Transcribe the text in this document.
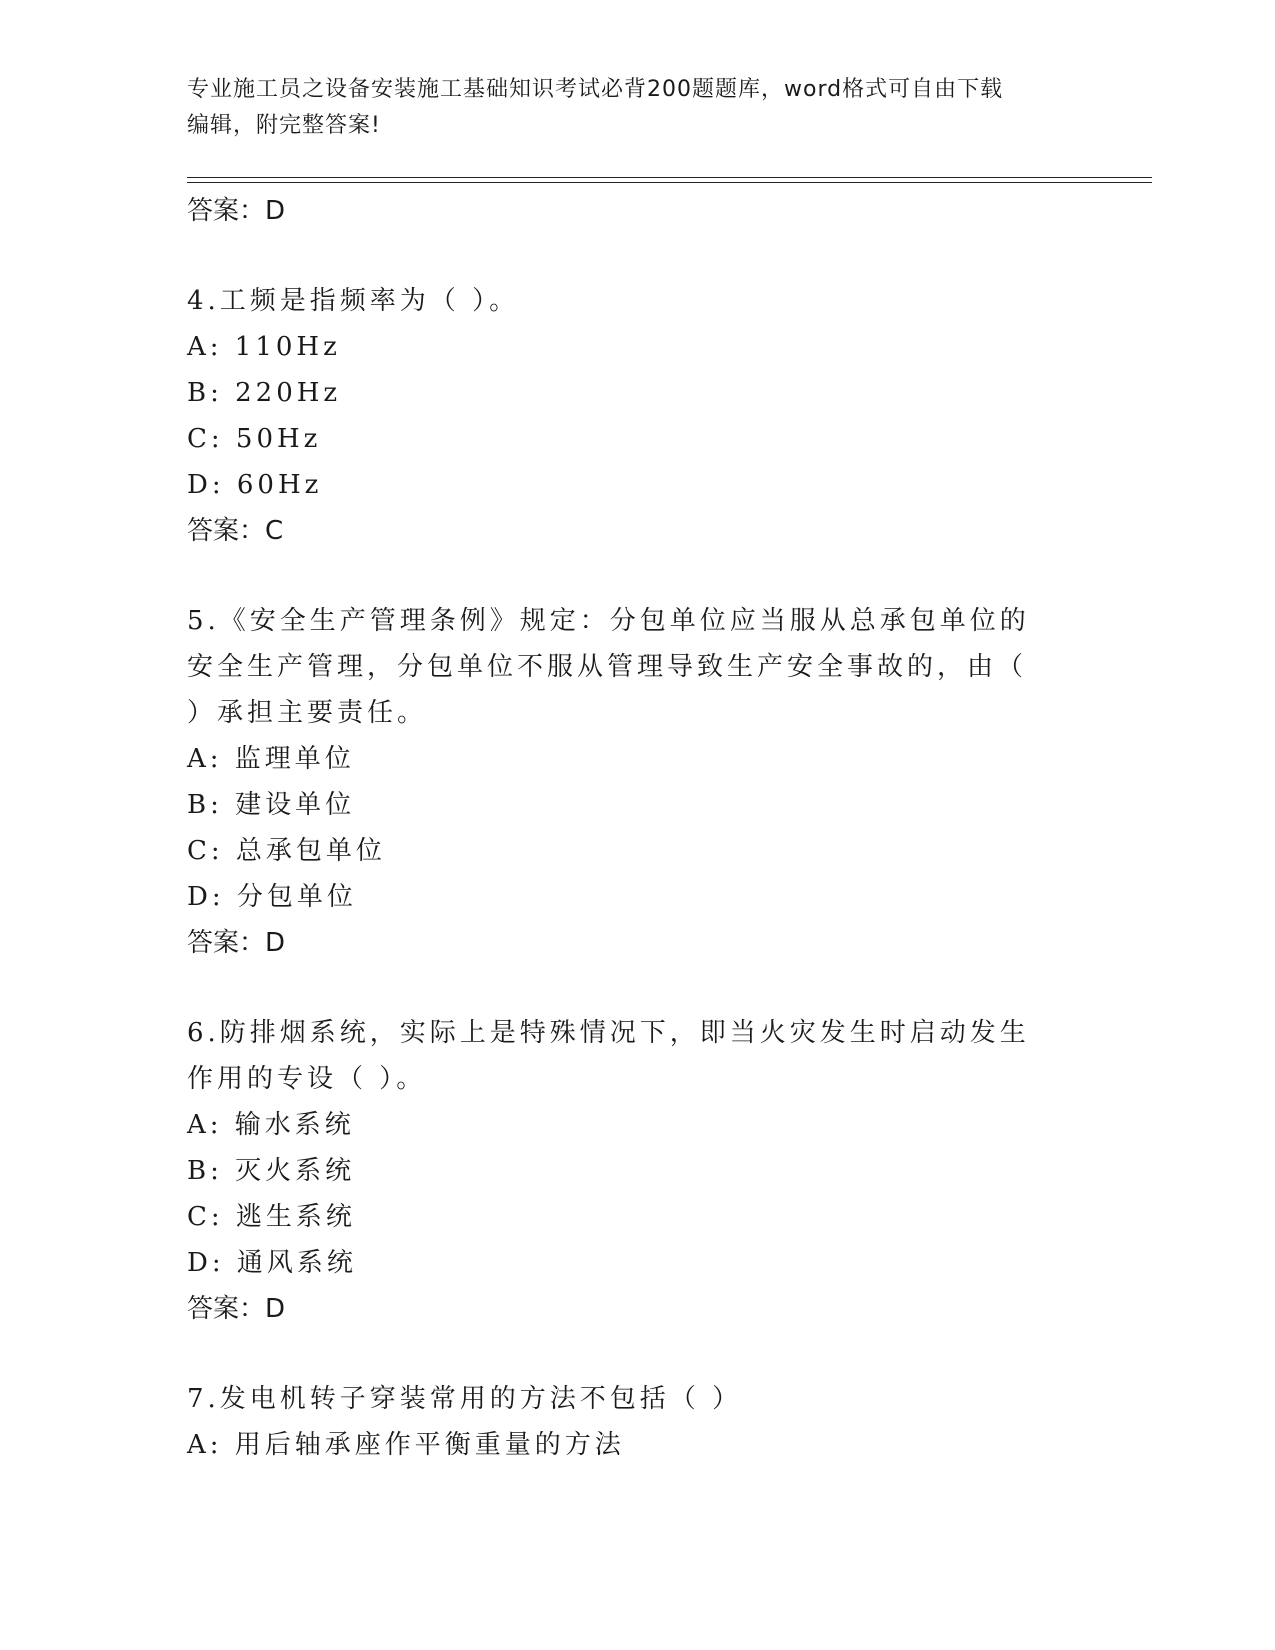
专业施工员之设备安装施工基础知识考试必背200题题库，word格式可自由下载
编辑，附完整答案!
答案：D
4.工频是指频率为（ ）。
A: 110Hz
B: 220Hz
C: 50Hz
D: 60Hz
答案：C
5.《安全生产管理条例》规定：分包单位应当服从总承包单位的安全生产管理，分包单位不服从管理导致生产安全事故的，由（ ）承担主要责任。
A: 监理单位
B: 建设单位
C: 总承包单位
D: 分包单位
答案：D
6.防排烟系统，实际上是特殊情况下，即当火灾发生时启动发生作用的专设（ ）。
A: 输水系统
B: 灭火系统
C: 逃生系统
D: 通风系统
答案：D
7.发电机转子穿装常用的方法不包括（ ）
A: 用后轴承座作平衡重量的方法
